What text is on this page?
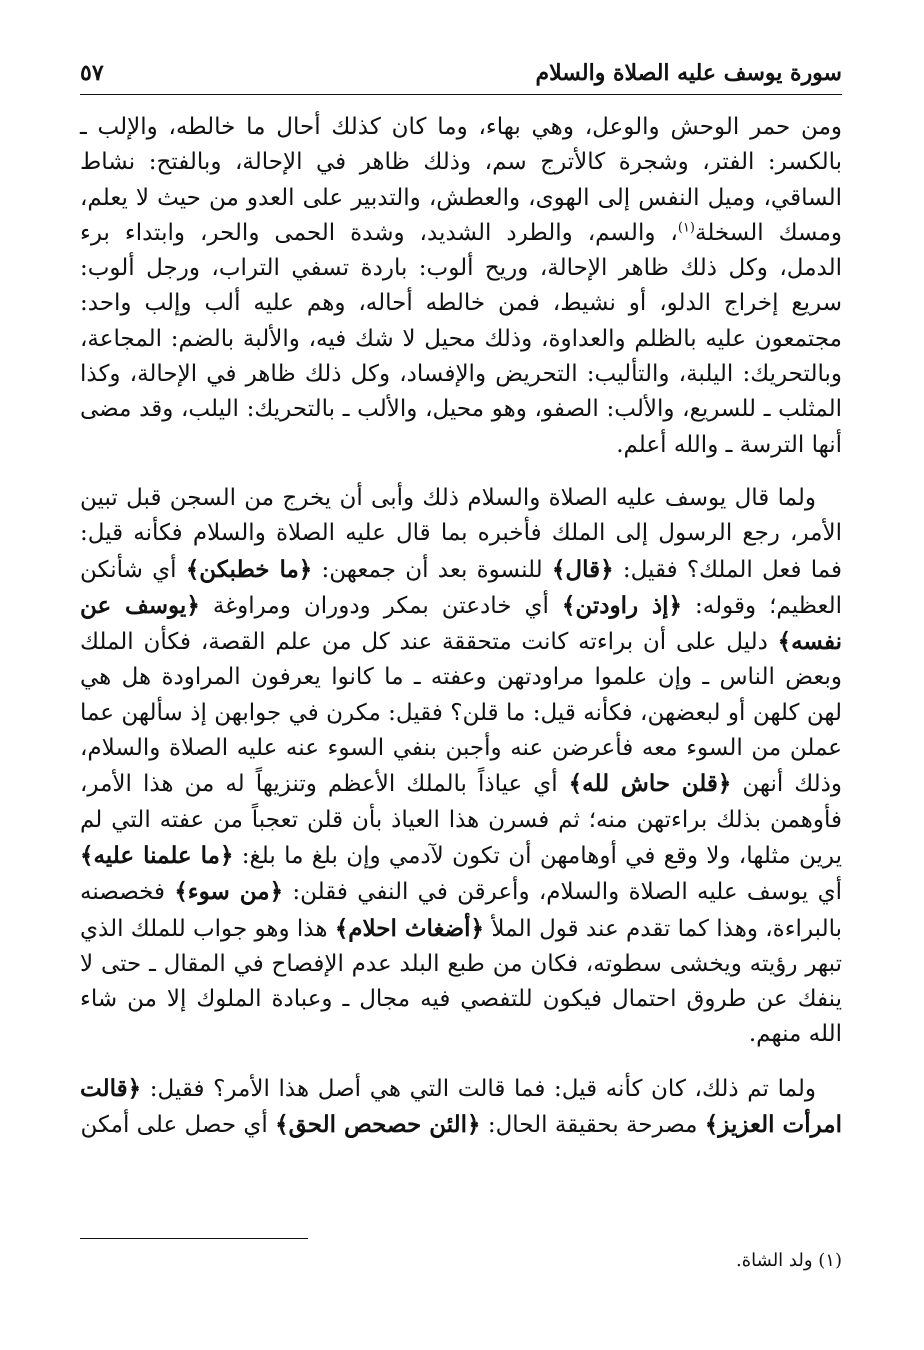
سورة يوسف عليه الصلاة والسلام
٥٧

ومن حمر الوحش والوعل، وهي بهاء، وما كان كذلك أحال ما خالطه، والإلب ـ بالكسر: الفتر، وشجرة كالأترج سم، وذلك ظاهر في الإحالة، وبالفتح: نشاط الساقي، وميل النفس إلى الهوى، والعطش، والتدبير على العدو من حيث لا يعلم، ومسك السخلة$^{(١)}$، والسم، والطرد الشديد، وشدة الحمى والحر، وابتداء برء الدمل، وكل ذلك ظاهر الإحالة، وريح ألوب: باردة تسفي التراب، ورجل ألوب: سريع إخراج الدلو، أو نشيط، فمن خالطه أحاله، وهم عليه ألب وإلب واحد: مجتمعون عليه بالظلم والعداوة، وذلك محيل لا شك فيه، والألبة بالضم: المجاعة، وبالتحريك: اليلبة، والتأليب: التحريض والإفساد، وكل ذلك ظاهر في الإحالة، وكذا المثلب ـ للسريع، والألب: الصفو، وهو محيل، والألب ـ بالتحريك: اليلب، وقد مضى أنها الترسة ـ والله أعلم.

ولما قال يوسف عليه الصلاة والسلام ذلك وأبى أن يخرج من السجن قبل تبين الأمر، رجع الرسول إلى الملك فأخبره بما قال عليه الصلاة والسلام فكأنه قيل: فما فعل الملك؟ فقيل: ﴿قال﴾ للنسوة بعد أن جمعهن: ﴿ما خطبكن﴾ أي شأنكن العظيم؛ وقوله: ﴿إذ راودتن﴾ أي خادعتن بمكر ودوران ومراوغة ﴿يوسف عن نفسه﴾ دليل على أن براءته كانت متحققة عند كل من علم القصة، فكأن الملك وبعض الناس ـ وإن علموا مراودتهن وعفته ـ ما كانوا يعرفون المراودة هل هي لهن كلهن أو لبعضهن، فكأنه قيل: ما قلن؟ فقيل: مكرن في جوابهن إذ سألهن عما عملن من السوء معه فأعرضن عنه وأجبن بنفي السوء عنه عليه الصلاة والسلام، وذلك أنهن ﴿قلن حاش لله﴾ أي عياذاً بالملك الأعظم وتنزيهاً له من هذا الأمر، فأوهمن بذلك براءتهن منه؛ ثم فسرن هذا العياذ بأن قلن تعجباً من عفته التي لم يرين مثلها، ولا وقع في أوهامهن أن تكون لآدمي وإن بلغ ما بلغ: ﴿ما علمنا عليه﴾ أي يوسف عليه الصلاة والسلام، وأعرقن في النفي فقلن: ﴿من سوء﴾ فخصصنه بالبراءة، وهذا كما تقدم عند قول الملأ ﴿أضغاث احلام﴾ هذا وهو جواب للملك الذي تبهر رؤيته ويخشى سطوته، فكان من طبع البلد عدم الإفصاح في المقال ـ حتى لا ينفك عن طروق احتمال فيكون للتفصي فيه مجال ـ وعبادة الملوك إلا من شاء الله منهم.

ولما تم ذلك، كان كأنه قيل: فما قالت التي هي أصل هذا الأمر؟ فقيل: ﴿قالت امرأت العزيز﴾ مصرحة بحقيقة الحال: ﴿الئن حصحص الحق﴾ أي حصل على أمكن

(١) ولد الشاة.
